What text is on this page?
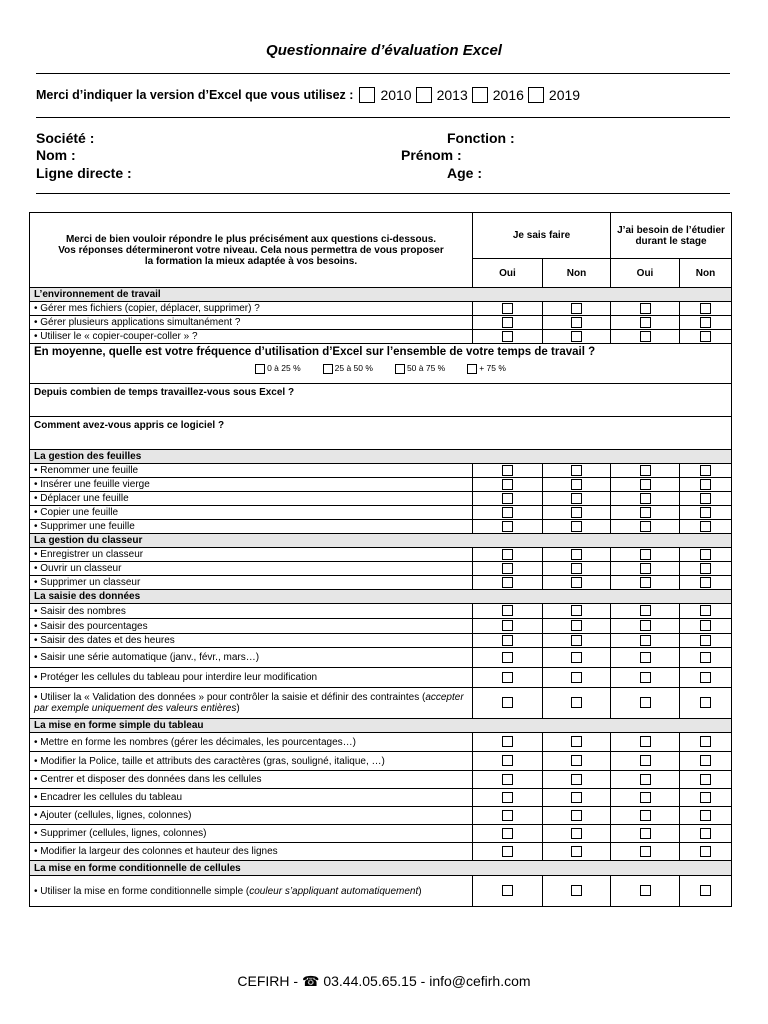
Questionnaire d’évaluation Excel
Merci d’indiquer la version d’Excel que vous utilisez : 2010 2013 2016 2019
Société :	Fonction :
Nom :	Prénom :
Ligne directe :	Age :
Merci de bien vouloir répondre le plus précisément aux questions ci-dessous. Vos réponses détermineront votre niveau. Cela nous permettra de vous proposer la formation la mieux adaptée à vos besoins.	Je sais faire		J’ai besoin de l’étudier durant le stage	
	Oui	Non	Oui	Non
L’environnement de travail				
• Gérer mes fichiers (copier, déplacer, supprimer) ?				
• Gérer plusieurs applications simultanément ?				
• Utiliser le « copier-couper-coller » ?				

En moyenne, quelle est votre fréquence d’utilisation d’Excel sur l’ensemble de votre temps de travail ?
0 à 25 % 25 à 50 % 50 à 75 % + 75 %				

Depuis combien de temps travaillez-vous sous Excel ?				
Comment avez-vous appris ce logiciel ?				
La gestion des feuilles				
• Renommer une feuille				
• Insérer une feuille vierge				
• Déplacer une feuille				
• Copier une feuille				
• Supprimer une feuille				
La gestion du classeur				
• Enregistrer un classeur				
• Ouvrir un classeur				
• Supprimer un classeur				
La saisie des données				
• Saisir des nombres				
• Saisir des pourcentages				
• Saisir des dates et des heures				
• Saisir une série automatique (janv., févr., mars…)				
• Protéger les cellules du tableau pour interdire leur modification				
• Utiliser la « Validation des données » pour contrôler la saisie et définir des contraintes (accepter par exemple uniquement des valeurs entières)				
La mise en forme simple du tableau				
• Mettre en forme les nombres (gérer les décimales, les pourcentages…)				
• Modifier la Police, taille et attributs des caractères (gras, souligné, italique, …)				
• Centrer et disposer des données dans les cellules				
• Encadrer les cellules du tableau				
• Ajouter (cellules, lignes, colonnes)				
• Supprimer (cellules, lignes, colonnes)				
• Modifier la largeur des colonnes et hauteur des lignes				
La mise en forme conditionnelle de cellules				
• Utiliser la mise en forme conditionnelle simple (couleur s’appliquant automatiquement)				
CEFIRH - ☎ 03.44.05.65.15 - info@cefirh.com
